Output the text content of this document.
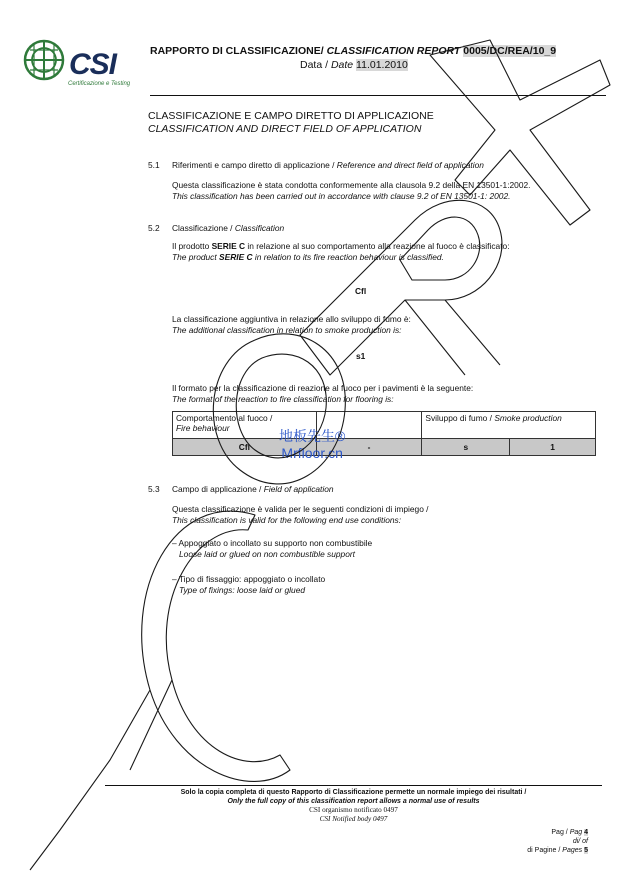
CSI
Certificazione e Testing
RAPPORTO DI CLASSIFICAZIONE/ CLASSIFICATION REPORT 0005/DC/REA/10_9
Data / Date 11.01.2010
CLASSIFICAZIONE E CAMPO DIRETTO DI APPLICAZIONE
CLASSIFICATION AND DIRECT FIELD OF APPLICATION
5.1 Riferimenti e campo diretto di applicazione / Reference and direct field of application
Questa classificazione è stata condotta conformemente alla clausola 9.2 della EN 13501-1:2002.
This classification has been carried out in accordance with clause 9.2 of EN 13501-1: 2002.
5.2 Classificazione / Classification
Il prodotto SERIE C in relazione al suo comportamento alla reazione al fuoco è classificato:
The product SERIE C in relation to its fire reaction behaviour is classified.
Cfl
La classificazione aggiuntiva in relazione allo sviluppo di fumo è:
The additional classification in relation to smoke production is:
s1
Il formato per la classificazione di reazione al fuoco per i pavimenti è la seguente:
The format of the reaction to fire classification for flooring is:
Comportamento al fuoco /
Fire behaviour		Sviluppo di fumo / Smoke production	
Cfl	-	s	1
地板先生®
Mrfloor.cn
5.3 Campo di applicazione / Field of application
Questa classificazione è valida per le seguenti condizioni di impiego /
This classification is valid for the following end use conditions:
– Appoggiato o incollato su supporto non combustibile
Loose laid or glued on non combustible support
– Tipo di fissaggio: appoggiato o incollato
Type of fixings: loose laid or glued
Solo la copia completa di questo Rapporto di Classificazione permette un normale impiego dei risultati /
Only the full copy of this classification report allows a normal use of results
CSI organismo notificato 0497
CSI Notified body 0497
Pag / Pag 4
di/ of
di Pagine / Pages 5
